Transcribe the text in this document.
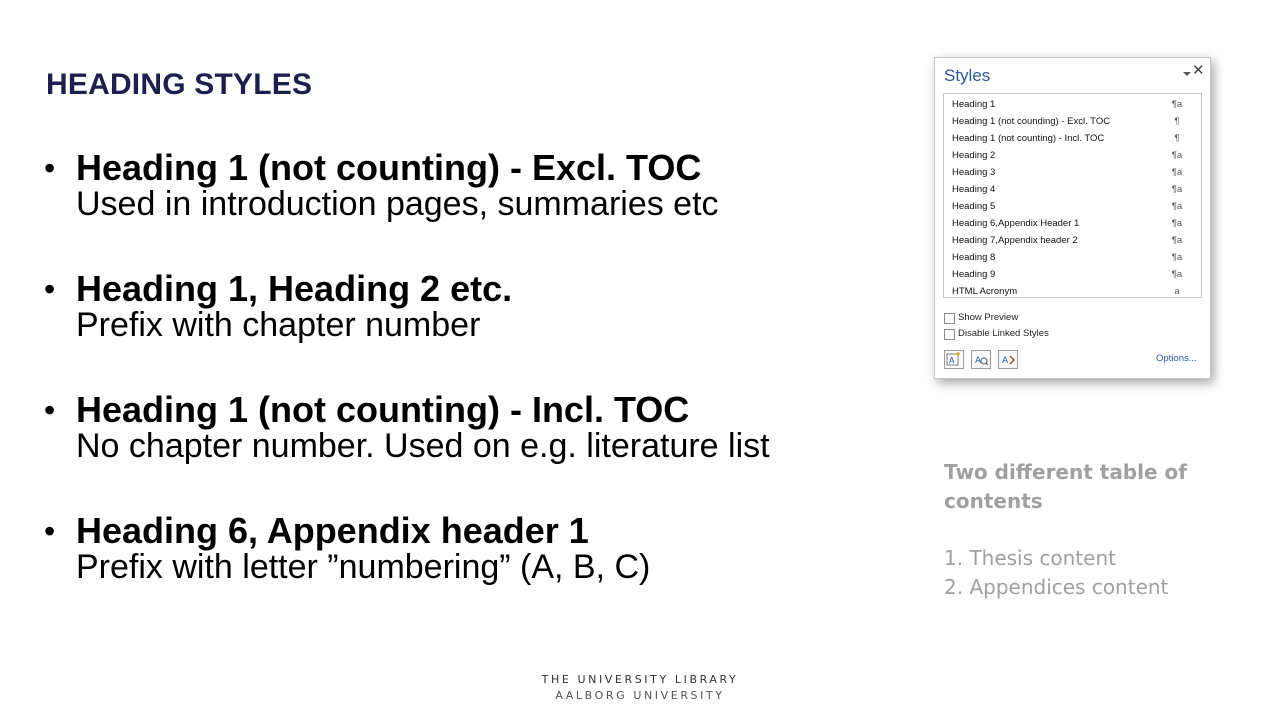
HEADING STYLES
• Heading 1 (not counting) - Excl. TOC
Used in introduction pages, summaries etc
• Heading 1, Heading 2 etc.
Prefix with chapter number
• Heading 1 (not counting) - Incl. TOC
No chapter number. Used on e.g. literature list
• Heading 6, Appendix header 1
Prefix with letter ”numbering” (A, B, C)
Styles	✕
Heading 1	¶a
Heading 1 (not counding) - Excl. TOC	¶
Heading 1 (not counting) - Incl. TOC	¶
Heading 2	¶a
Heading 3	¶a
Heading 4	¶a
Heading 5	¶a
Heading 6,Appendix Header 1	¶a
Heading 7,Appendix header 2	¶a
Heading 8	¶a
Heading 9	¶a
HTML Acronym	a
Show Preview
Disable Linked Styles
A A A	Options...
Two different table of contents
1. Thesis content
2. Appendices content
THE UNIVERSITY LIBRARY
AALBORG UNIVERSITY
